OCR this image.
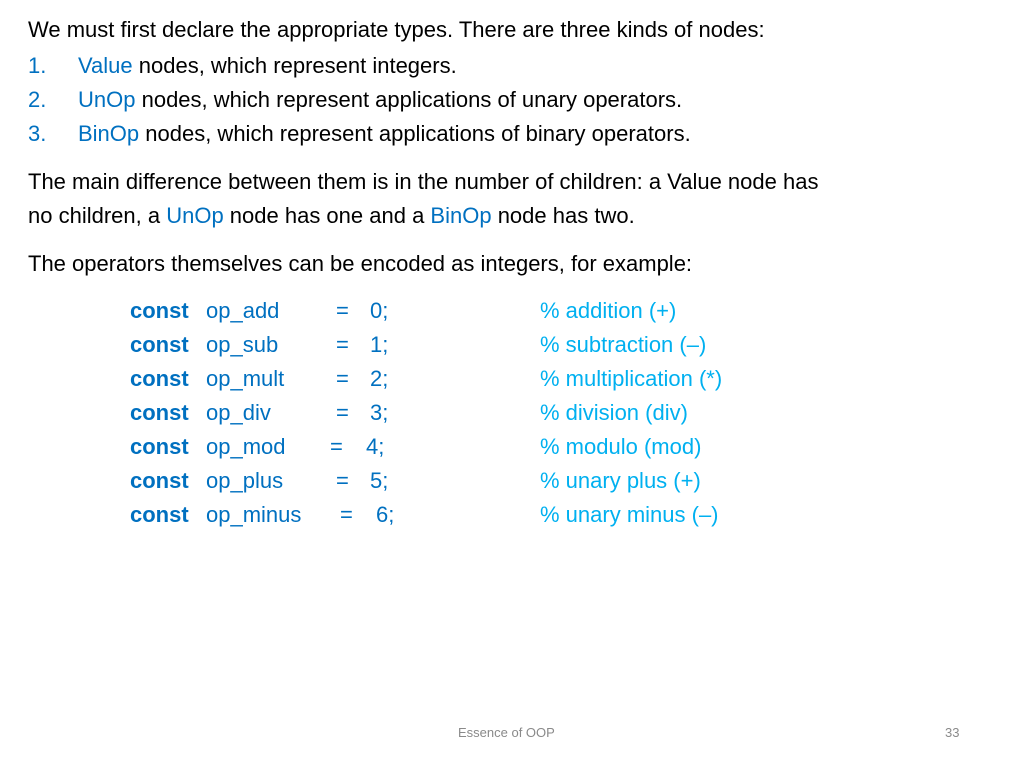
We must first declare the appropriate types. There are three kinds of nodes:
1. Value nodes, which represent integers.
2. UnOp nodes, which represent applications of unary operators.
3. BinOp nodes, which represent applications of binary operators.
The main difference between them is in the number of children: a Value node has
no children, a UnOp node has one and a BinOp node has two.
The operators themselves can be encoded as integers, for example:
const op_add	= 0;	% addition (+)
const op_sub	= 1;	% subtraction (–)
const op_mult = 2;	% multiplication (*)
const op_div	= 3;	% division (div)
const op_mod = 4;	% modulo (mod)
const op_plus = 5;	% unary plus (+)
const op_minus = 6;	% unary minus (–)
Essence of OOP	33
